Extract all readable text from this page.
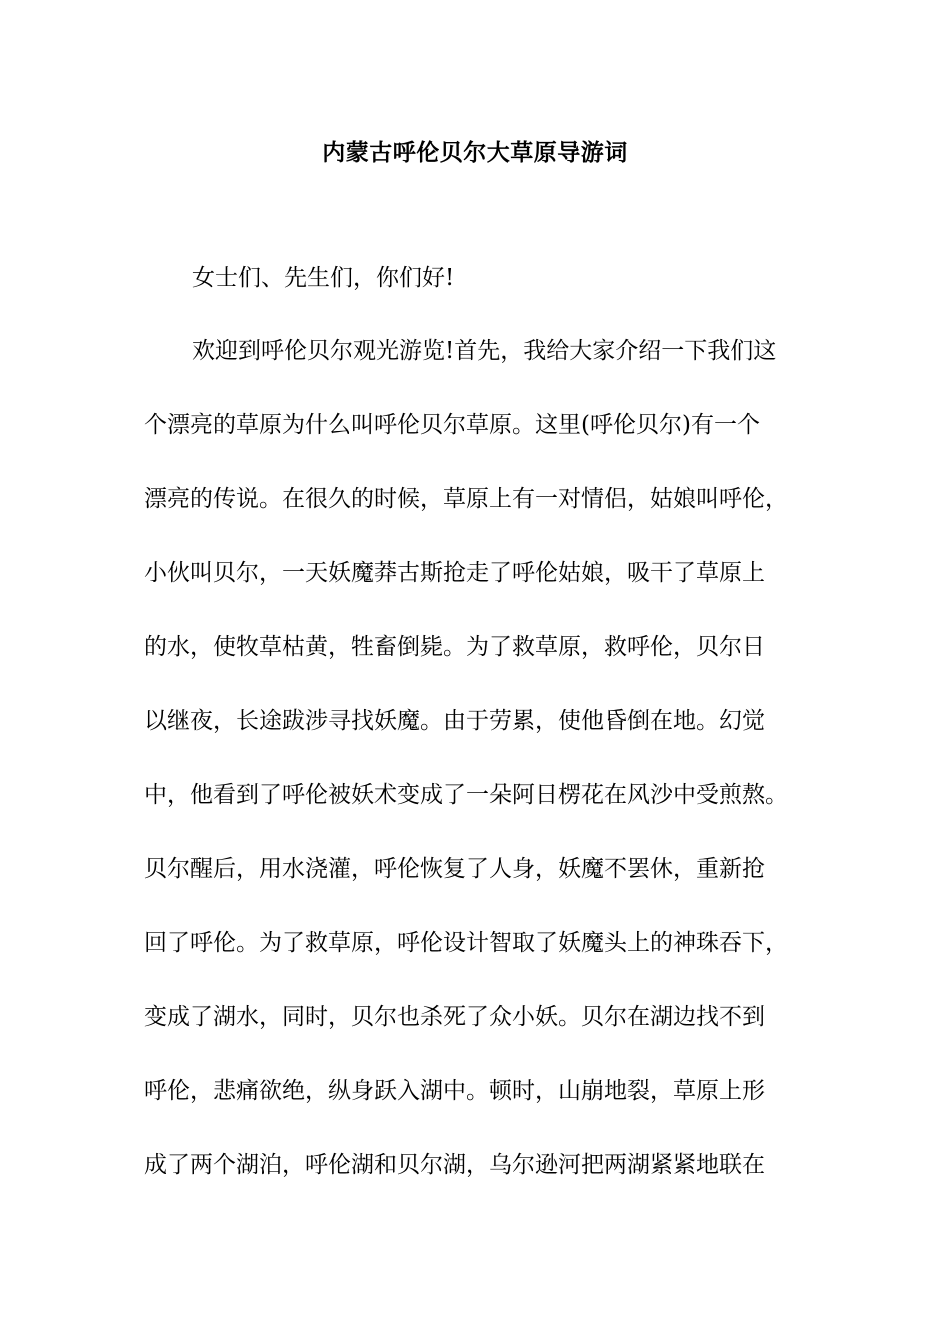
内蒙古呼伦贝尔大草原导游词

女士们、先生们，你们好!

欢迎到呼伦贝尔观光游览!首先，我给大家介绍一下我们这

个漂亮的草原为什么叫呼伦贝尔草原。这里(呼伦贝尔)有一个

漂亮的传说。在很久的时候，草原上有一对情侣，姑娘叫呼伦，

小伙叫贝尔，一天妖魔莽古斯抢走了呼伦姑娘，吸干了草原上

的水，使牧草枯黄，牲畜倒毙。为了救草原，救呼伦，贝尔日

以继夜，长途跋涉寻找妖魔。由于劳累，使他昏倒在地。幻觉

中，他看到了呼伦被妖术变成了一朵阿日楞花在风沙中受煎熬。

贝尔醒后，用水浇灌，呼伦恢复了人身，妖魔不罢休，重新抢

回了呼伦。为了救草原，呼伦设计智取了妖魔头上的神珠吞下，

变成了湖水，同时，贝尔也杀死了众小妖。贝尔在湖边找不到

呼伦，悲痛欲绝，纵身跃入湖中。顿时，山崩地裂，草原上形

成了两个湖泊，呼伦湖和贝尔湖，乌尔逊河把两湖紧紧地联在
